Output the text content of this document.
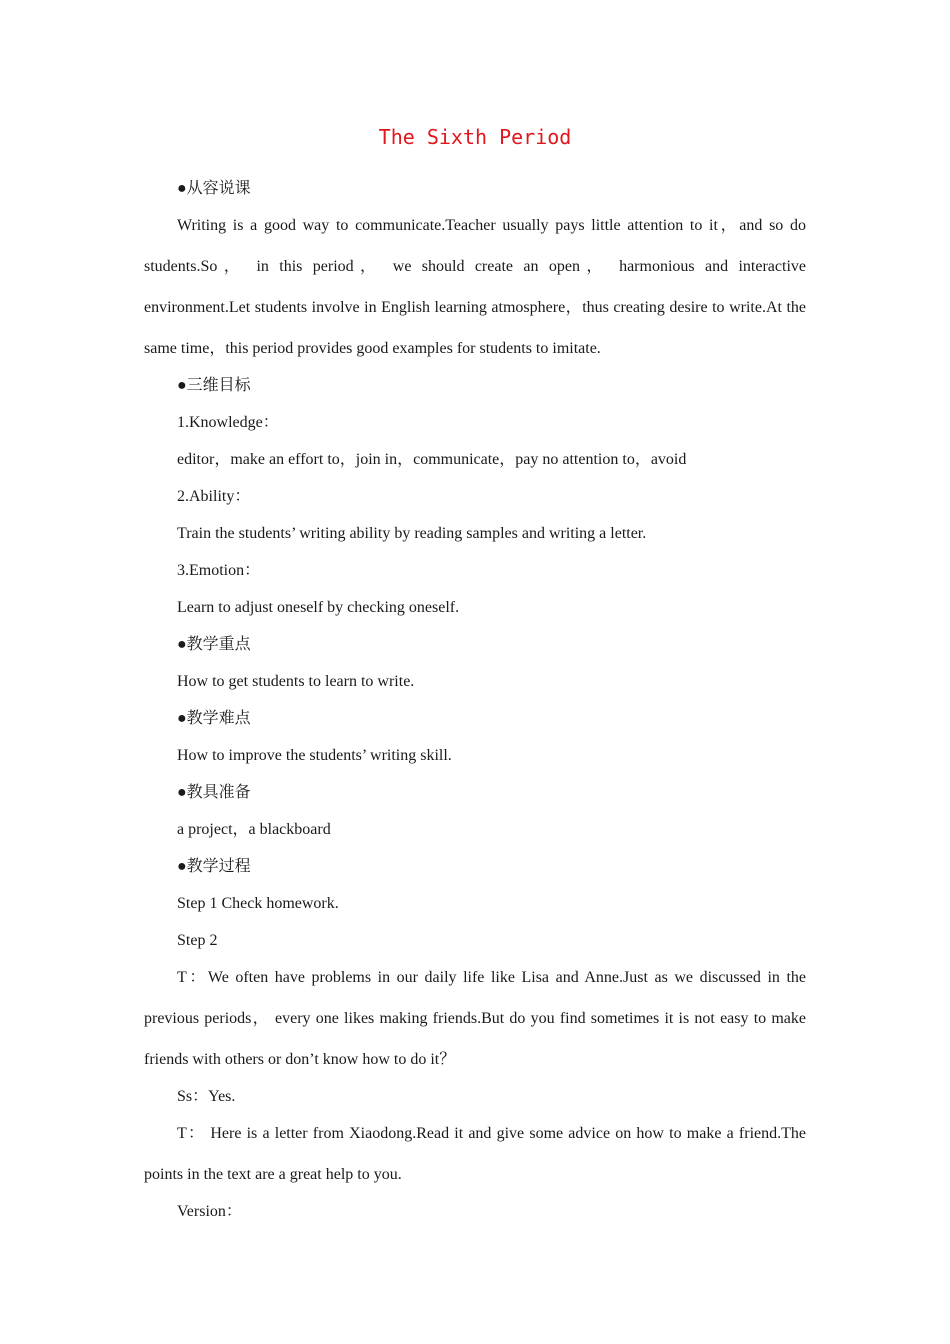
The Sixth Period
●从容说课
Writing is a good way to communicate.Teacher usually pays little attention to it，and so do students.So， in this period， we should create an open， harmonious and interactive environment.Let students involve in English learning atmosphere，thus creating desire to write.At the same time，this period provides good examples for students to imitate.
●三维目标
1.Knowledge：
editor，make an effort to，join in，communicate，pay no attention to，avoid
2.Ability：
Train the students’ writing ability by reading samples and writing a letter.
3.Emotion：
Learn to adjust oneself by checking oneself.
●教学重点
How to get students to learn to write.
●教学难点
How to improve the students’ writing skill.
●教具准备
a project，a blackboard
●教学过程
Step 1 Check homework.
Step 2
T：We often have problems in our daily life like Lisa and Anne.Just as we discussed in the previous periods， every one likes making friends.But do you find sometimes it is not easy to make friends with others or don’t know how to do it？
Ss：Yes.
T： Here is a letter from Xiaodong.Read it and give some advice on how to make a friend.The points in the text are a great help to you.
Version：
